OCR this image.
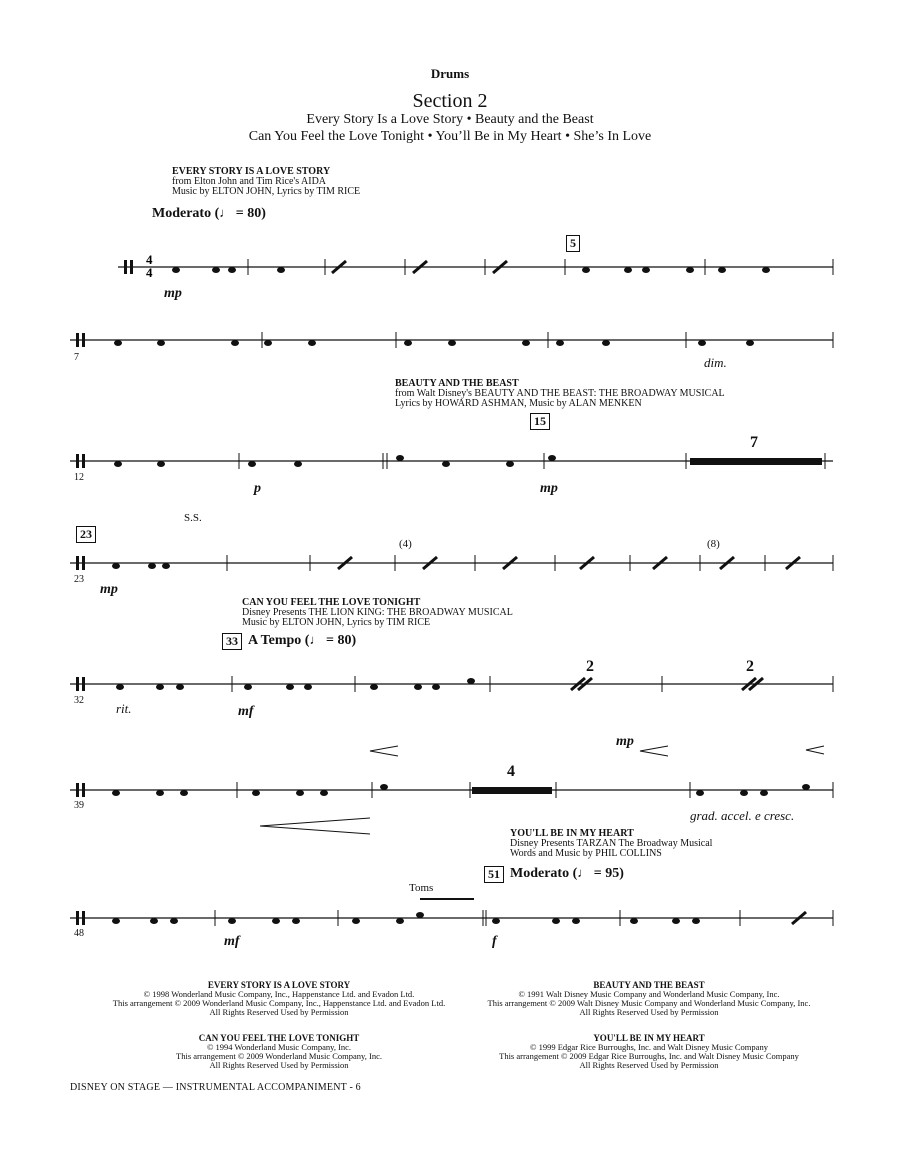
Drums
Section 2
Every Story Is a Love Story • Beauty and the Beast
Can You Feel the Love Tonight • You’ll Be in My Heart • She’s In Love
4
4
EVERY STORY IS A LOVE STORY
from Elton John and Tim Rice's AIDA
Music by ELTON JOHN, Lyrics by TIM RICE
Moderato (♩ = 80)
5
mp
7	dim.
BEAUTY AND THE BEAST
from Walt Disney's BEAUTY AND THE BEAST: THE BROADWAY MUSICAL
Lyrics by HOWARD ASHMAN, Music by ALAN MENKEN
15
7
12
p	mp
23
S.S.
(4)	(8)
23
mp
CAN YOU FEEL THE LOVE TONIGHT
Disney Presents THE LION KING: THE BROADWAY MUSICAL
Music by ELTON JOHN, Lyrics by TIM RICE
33 A Tempo (♩ = 80)
2	2
32
rit.	mf
4
mp
39
grad. accel. e cresc.
YOU'LL BE IN MY HEART
Disney Presents TARZAN The Broadway Musical
Words and Music by PHIL COLLINS
51 Moderato (♩ = 95)
Toms
48
mf	f
EVERY STORY IS A LOVE STORY
© 1998 Wonderland Music Company, Inc., Happenstance Ltd. and Evadon Ltd.
This arrangement © 2009 Wonderland Music Company, Inc., Happenstance Ltd. and Evadon Ltd.
All Rights Reserved Used by Permission
BEAUTY AND THE BEAST
© 1991 Walt Disney Music Company and Wonderland Music Company, Inc.
This arrangement © 2009 Walt Disney Music Company and Wonderland Music Company, Inc.
All Rights Reserved Used by Permission
CAN YOU FEEL THE LOVE TONIGHT
© 1994 Wonderland Music Company, Inc.
This arrangement © 2009 Wonderland Music Company, Inc.
All Rights Reserved Used by Permission
YOU'LL BE IN MY HEART
© 1999 Edgar Rice Burroughs, Inc. and Walt Disney Music Company
This arrangement © 2009 Edgar Rice Burroughs, Inc. and Walt Disney Music Company
All Rights Reserved Used by Permission
DISNEY ON STAGE — INSTRUMENTAL ACCOMPANIMENT - 6
